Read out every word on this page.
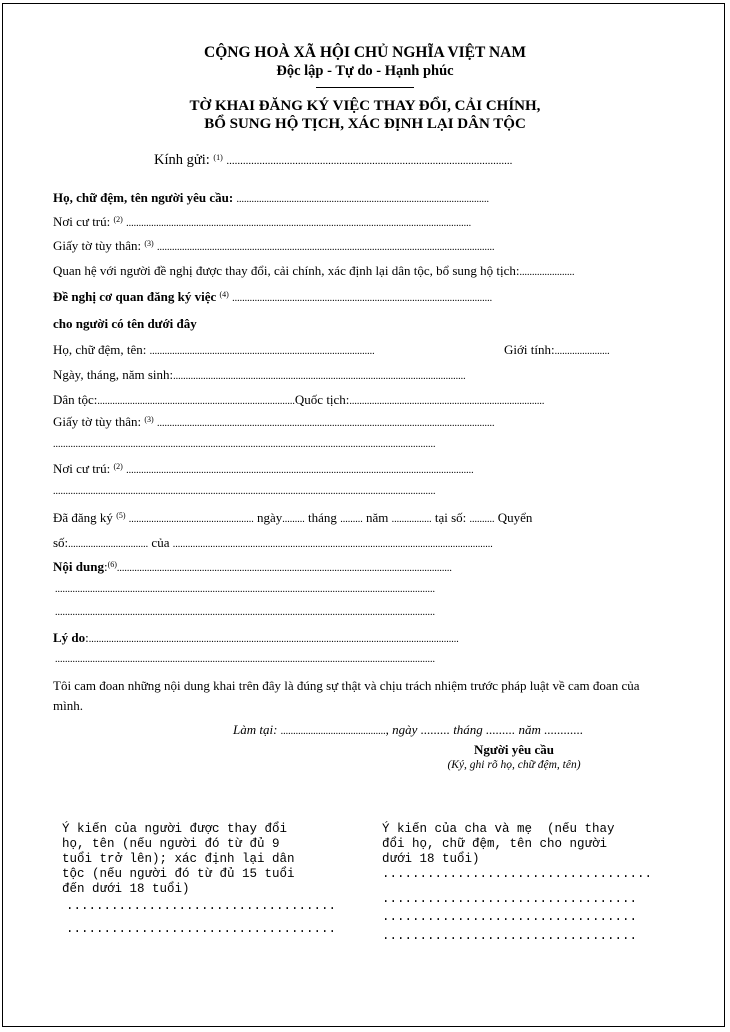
CỘNG HOÀ XÃ HỘI CHỦ NGHĨA VIỆT NAM
Độc lập - Tự do - Hạnh phúc
TỜ KHAI ĐĂNG KÝ VIỆC THAY ĐỔI, CẢI CHÍNH,
BỔ SUNG HỘ TỊCH, XÁC ĐỊNH LẠI DÂN TỘC
Kính gửi: $^{(1)}$ ........................................................................................................
Họ, chữ đệm, tên người yêu cầu: .....................................................................................................
Nơi cư trú: $^{(2)}$ ..........................................................................................................................................
Giấy tờ tùy thân: $^{(3)}$ .......................................................................................................................................
Quan hệ với người đề nghị được thay đổi, cải chính, xác định lại dân tộc, bổ sung hộ tịch:......................
Đề nghị cơ quan đăng ký việc $^{(4)}$ ........................................................................................................
cho người có tên dưới đây
Họ, chữ đệm, tên: ..........................................................................................	Giới tính:......................
Ngày, tháng, năm sinh:.....................................................................................................................
Dân tộc:...............................................................................Quốc tịch:..............................................................................
Giấy tờ tùy thân: $^{(3)}$ .......................................................................................................................................
.........................................................................................................................................................
Nơi cư trú: $^{(2)}$ ...........................................................................................................................................
.........................................................................................................................................................
Đã đăng ký $^{(5)}$ .................................................. ngày......... tháng ......... năm ................ tại số: .......... Quyển
số:................................ của ................................................................................................................................
Nội dung:$^{(6)}$......................................................................................................................................
........................................................................................................................................................
........................................................................................................................................................
Lý do:....................................................................................................................................................
........................................................................................................................................................
Tôi cam đoan những nội dung khai trên đây là đúng sự thật và chịu trách nhiệm trước pháp luật về cam đoan của
mình.
Làm tại: .........................................., ngày ......... tháng ......... năm ............
Người yêu cầu
(Ký, ghi rõ họ, chữ đệm, tên)
Ý kiến của người được thay đổi
họ, tên (nếu người đó từ đủ 9
tuổi trở lên); xác định lại dân
tộc (nếu người đó từ đủ 15 tuổi
đến dưới 18 tuổi)
....................................
....................................
Ý kiến của cha và mẹ  (nếu thay
đổi họ, chữ đệm, tên cho người
dưới 18 tuổi)
....................................
..................................
..................................
..................................
